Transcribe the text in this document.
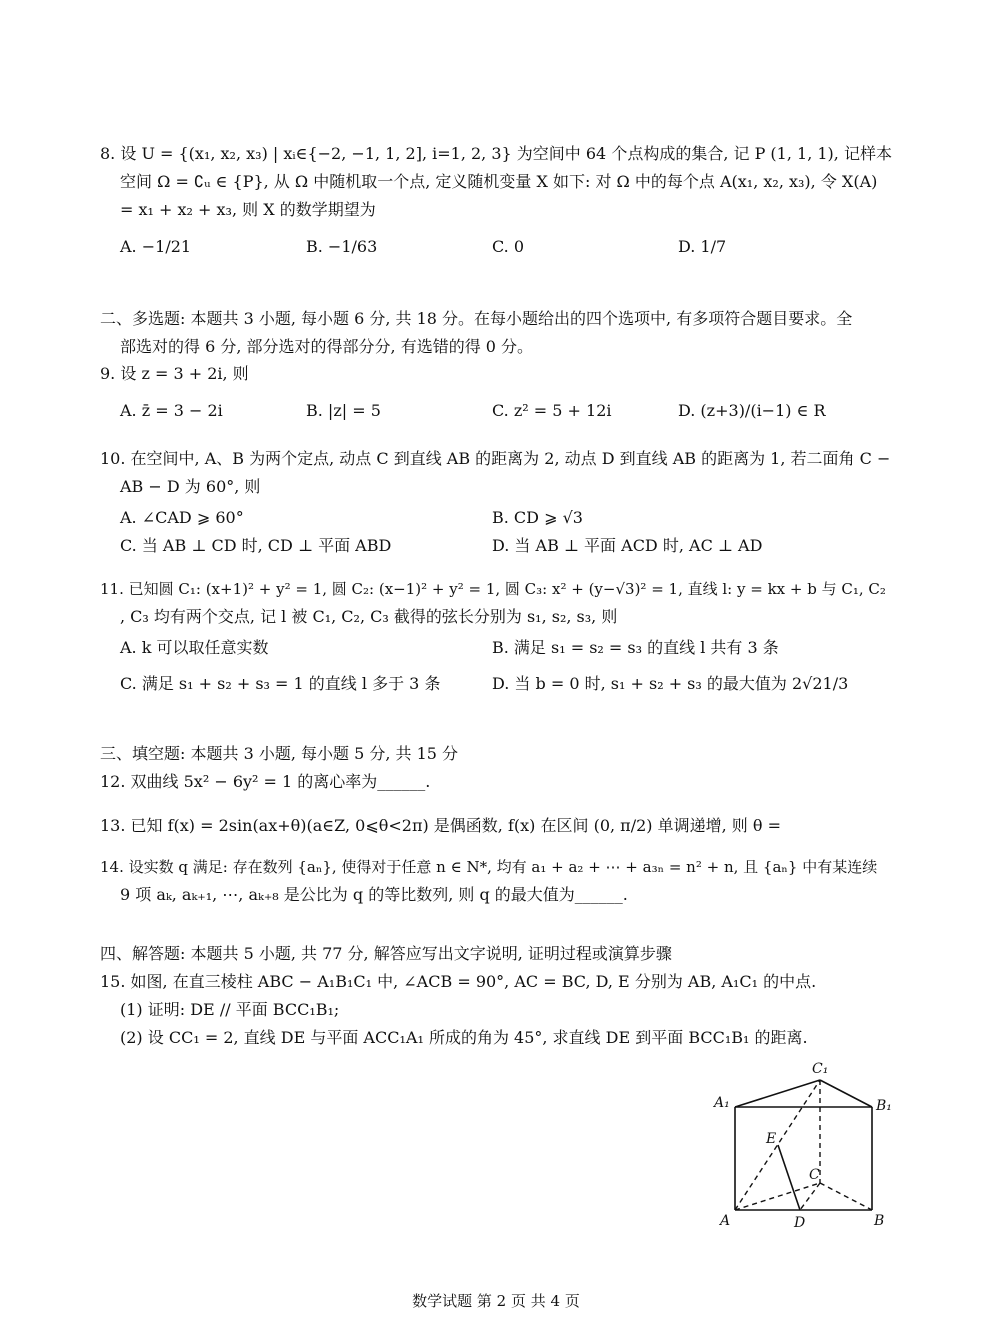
8. 设 U = {(x₁, x₂, x₃) | xᵢ∈{−2, −1, 1, 2], i=1, 2, 3} 为空间中 64 个点构成的集合, 记 P (1, 1, 1), 记样本
空间 Ω = ∁ᵤ ∈ {P}, 从 Ω 中随机取一个点, 定义随机变量 X 如下: 对 Ω 中的每个点 A(x₁, x₂, x₃), 令 X(A)
= x₁ + x₂ + x₃, 则 X 的数学期望为
A. −1/21	B. −1/63	C. 0	D. 1/7
二、多选题: 本题共 3 小题, 每小题 6 分, 共 18 分。在每小题给出的四个选项中, 有多项符合题目要求。全
部选对的得 6 分, 部分选对的得部分分, 有选错的得 0 分。
9. 设 z = 3 + 2i, 则
A. z̄ = 3 − 2i	B. |z| = 5	C. z² = 5 + 12i	D. (z+3)/(i−1) ∈ R
10. 在空间中, A、B 为两个定点, 动点 C 到直线 AB 的距离为 2, 动点 D 到直线 AB 的距离为 1, 若二面角 C −
AB − D 为 60°, 则
A. ∠CAD ⩾ 60°	B. CD ⩾ √3
C. 当 AB ⊥ CD 时, CD ⊥ 平面 ABD	D. 当 AB ⊥ 平面 ACD 时, AC ⊥ AD
11. 已知圆 C₁: (x+1)² + y² = 1, 圆 C₂: (x−1)² + y² = 1, 圆 C₃: x² + (y−√3)² = 1, 直线 l: y = kx + b 与 C₁, C₂
, C₃ 均有两个交点, 记 l 被 C₁, C₂, C₃ 截得的弦长分别为 s₁, s₂, s₃, 则
A. k 可以取任意实数	B. 满足 s₁ = s₂ = s₃ 的直线 l 共有 3 条
C. 满足 s₁ + s₂ + s₃ = 1 的直线 l 多于 3 条	D. 当 b = 0 时, s₁ + s₂ + s₃ 的最大值为 2√21/3
三、填空题: 本题共 3 小题, 每小题 5 分, 共 15 分
12. 双曲线 5x² − 6y² = 1 的离心率为______.
13. 已知 f(x) = 2sin(ax+θ)(a∈Z, 0⩽θ<2π) 是偶函数, f(x) 在区间 (0, π/2) 单调递增, 则 θ =
14. 设实数 q 满足: 存在数列 {aₙ}, 使得对于任意 n ∈ N*, 均有 a₁ + a₂ + ⋯ + a₃ₙ = n² + n, 且 {aₙ} 中有某连续
9 项 aₖ, aₖ₊₁, ⋯, aₖ₊₈ 是公比为 q 的等比数列, 则 q 的最大值为______.
四、解答题: 本题共 5 小题, 共 77 分, 解答应写出文字说明, 证明过程或演算步骤
15. 如图, 在直三棱柱 ABC − A₁B₁C₁ 中, ∠ACB = 90°, AC = BC, D, E 分别为 AB, A₁C₁ 的中点.
(1) 证明: DE // 平面 BCC₁B₁;
(2) 设 CC₁ = 2, 直线 DE 与平面 ACC₁A₁ 所成的角为 45°, 求直线 DE 到平面 BCC₁B₁ 的距离.
C₁
A₁	B₁
E
C
A	D	B
数学试题 第 2 页 共 4 页
